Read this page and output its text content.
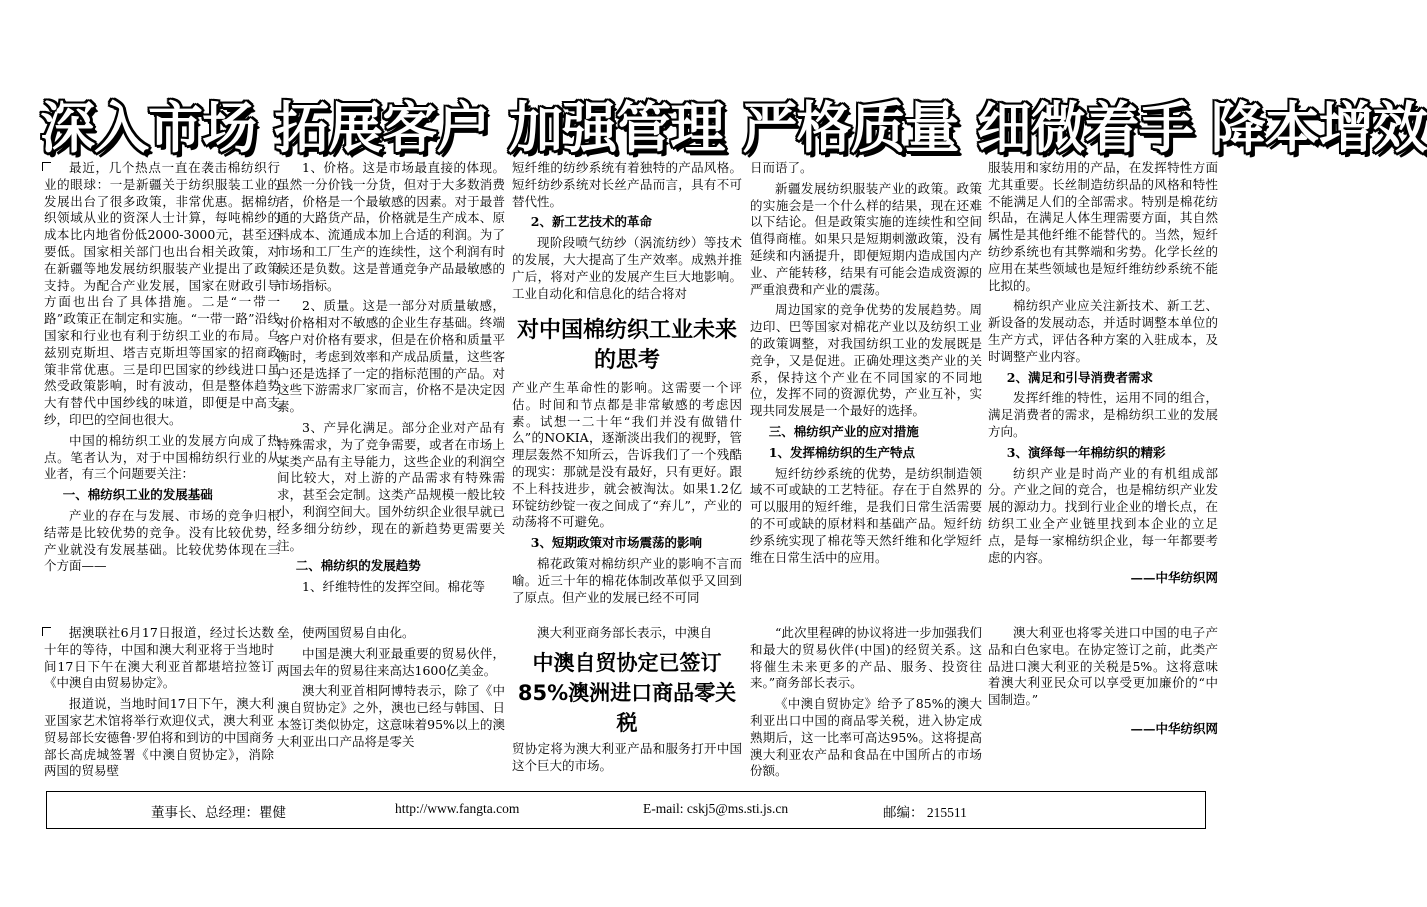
深入市场 拓展客户 加强管理 严格质量 细微着手 降本增效

最近，几个热点一直在袭击棉纺织行业的眼球：一是新疆关于纺织服装工业的发展出台了很多政策，非常优惠。据棉纺织领域从业的资深人士计算，每吨棉纱的成本比内地省份低2000-3000元，甚至还要低。国家相关部门也出台相关政策，对在新疆等地发展纺织服装产业提出了政策支持。为配合产业发展，国家在财政引导方面也出台了具体措施。二是“一带一路”政策正在制定和实施。“一带一路”沿线国家和行业也有利于纺织工业的布局。乌兹别克斯坦、塔吉克斯坦等国家的招商政策非常优惠。三是印巴国家的纱线进口虽然受政策影响，时有波动，但是整体趋势大有替代中国纱线的味道，即便是中高支纱，印巴的空间也很大。

中国的棉纺织工业的发展方向成了热点。笔者认为，对于中国棉纺织行业的从业者，有三个问题要关注：

一、棉纺织工业的发展基础

产业的存在与发展、市场的竞争归根结蒂是比较优势的竞争。没有比较优势，产业就没有发展基础。比较优势体现在三个方面——

1、价格。这是市场最直接的体现。虽然一分价钱一分货，但对于大多数消费者，价格是一个最敏感的因素。对于最普通的大路货产品，价格就是生产成本、原料成本、流通成本加上合适的利润。为了市场和工厂生产的连续性，这个利润有时候还是负数。这是普通竞争产品最敏感的市场指标。

2、质量。这是一部分对质量敏感，对价格相对不敏感的企业生存基础。终端客户对价格有要求，但是在价格和质量平衡时，考虑到效率和产成品质量，这些客户还是选择了一定的指标范围的产品。对这些下游需求厂家而言，价格不是决定因素。

3、产异化满足。部分企业对产品有特殊需求，为了竞争需要，或者在市场上某类产品有主导能力，这些企业的利润空间比较大，对上游的产品需求有特殊需求，甚至会定制。这类产品规模一般比较小，利润空间大。国外纺织企业很早就已经多细分纺纱，现在的新趋势更需要关注。

二、棉纺织的发展趋势

1、纤维特性的发挥空间。棉花等

短纤维的纺纱系统有着独特的产品风格。短纤纺纱系统对长丝产品而言，具有不可替代性。

2、新工艺技术的革命

现阶段喷气纺纱（涡流纺纱）等技术的发展，大大提高了生产效率。成熟并推广后，将对产业的发展产生巨大地影响。工业自动化和信息化的结合将对

对中国棉纺织工业未来的思考

产业产生革命性的影响。这需要一个评估。时间和节点都是非常敏感的考虑因素。试想一二十年“我们并没有做错什么”的NOKIA，逐渐淡出我们的视野，管理层轰然不知所云，告诉我们了一个残酷的现实：那就是没有最好，只有更好。跟不上科技进步，就会被淘汰。如果1.2亿环锭纺纱锭一夜之间成了“弃儿”，产业的动荡将不可避免。

3、短期政策对市场震荡的影响

棉花政策对棉纺织产业的影响不言而喻。近三十年的棉花体制改革似乎又回到了原点。但产业的发展已经不可同

日而语了。

新疆发展纺织服装产业的政策。政策的实施会是一个什么样的结果，现在还难以下结论。但是政策实施的连续性和空间值得商榷。如果只是短期刺激政策，没有延续和内涵提升，即便短期内造成国内产业、产能转移，结果有可能会造成资源的严重浪费和产业的震荡。

周边国家的竞争优势的发展趋势。周边印、巴等国家对棉花产业以及纺织工业的政策调整，对我国纺织工业的发展既是竞争，又是促进。正确处理这类产业的关系，保持这个产业在不同国家的不同地位，发挥不同的资源优势，产业互补，实现共同发展是一个最好的选择。

三、棉纺织产业的应对措施
1、发挥棉纺织的生产特点

短纤纺纱系统的优势，是纺织制造领域不可或缺的工艺特征。存在于自然界的可以服用的短纤维，是我们日常生活需要的不可或缺的原材料和基础产品。短纤纺纱系统实现了棉花等天然纤维和化学短纤维在日常生活中的应用。

服装用和家纺用的产品，在发挥特性方面尤其重要。长丝制造纺织品的风格和特性不能满足人们的全部需求。特别是棉花纺织品，在满足人体生理需要方面，其自然属性是其他纤维不能替代的。当然，短纤纺纱系统也有其弊端和劣势。化学长丝的应用在某些领域也是短纤维纺纱系统不能比拟的。

棉纺织产业应关注新技术、新工艺、新设备的发展动态，并适时调整本单位的生产方式，评估各种方案的入驻成本，及时调整产业内容。

2、满足和引导消费者需求

发挥纤维的特性，运用不同的组合，满足消费者的需求，是棉纺织工业的发展方向。

3、演绎每一年棉纺织的精彩

纺织产业是时尚产业的有机组成部分。产业之间的竞合，也是棉纺织产业发展的源动力。找到行业企业的增长点，在纺织工业全产业链里找到本企业的立足点，是每一家棉纺织企业，每一年都要考虑的内容。

——中华纺织网

据澳联社6月17日报道，经过长达数十年的等待，中国和澳大利亚将于当地时间17日下午在澳大利亚首都堪培拉签订《中澳自由贸易协定》。

报道说，当地时间17日下午，澳大利亚国家艺术馆将举行欢迎仪式，澳大利亚贸易部长安德鲁·罗伯将和到访的中国商务部长高虎城签署《中澳自贸协定》，消除两国的贸易壁

垒，使两国贸易自由化。

中国是澳大利亚最重要的贸易伙伴，两国去年的贸易往来高达1600亿美金。

澳大利亚首相阿博特表示，除了《中澳自贸协定》之外，澳也已经与韩国、日本签订类似协定，这意味着95%以上的澳大利亚出口产品将是零关

澳大利亚商务部长表示，中澳自

中澳自贸协定已签订 85%澳洲进口商品零关税

贸协定将为澳大利亚产品和服务打开中国这个巨大的市场。

“此次里程碑的协议将进一步加强我们和最大的贸易伙伴(中国)的经贸关系。这将催生未来更多的产品、服务、投资往来。”商务部长表示。

《中澳自贸协定》给予了85%的澳大利亚出口中国的商品零关税，进入协定成熟期后，这一比率可高达95%。这将提高澳大利亚农产品和食品在中国所占的市场份额。

澳大利亚也将零关进口中国的电子产品和白色家电。在协定签订之前，此类产品进口澳大利亚的关税是5%。这将意味着澳大利亚民众可以享受更加廉价的“中国制造。”

——中华纺织网
董事长、总经理：瞿健	http://www.fangta.com	E-mail: cskj5@ms.sti.js.cn	邮编： 215511
